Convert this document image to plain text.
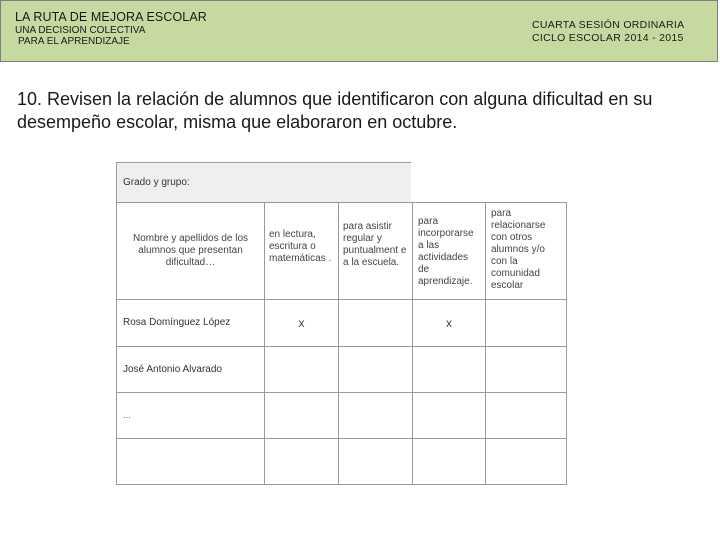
LA RUTA DE MEJORA ESCOLAR
UNA DECISION COLECTIVA
PARA EL APRENDIZAJE
CUARTA SESIÓN ORDINARIA
CICLO ESCOLAR 2014 - 2015
10. Revisen la relación de alumnos que identificaron con alguna dificultad en su desempeño escolar, misma que elaboraron en octubre.
Grado y grupo:
Nombre y apellidos de los alumnos que presentan dificultad…
en lectura, escritura o matemáticas .
para asistir regular y puntualment e a la escuela.
para incorporarse a las actividades de aprendizaje.
para relacionarse con otros alumnos y/o con la comunidad escolar
Rosa Domínguez López	x	x
José Antonio Alvarado
…
